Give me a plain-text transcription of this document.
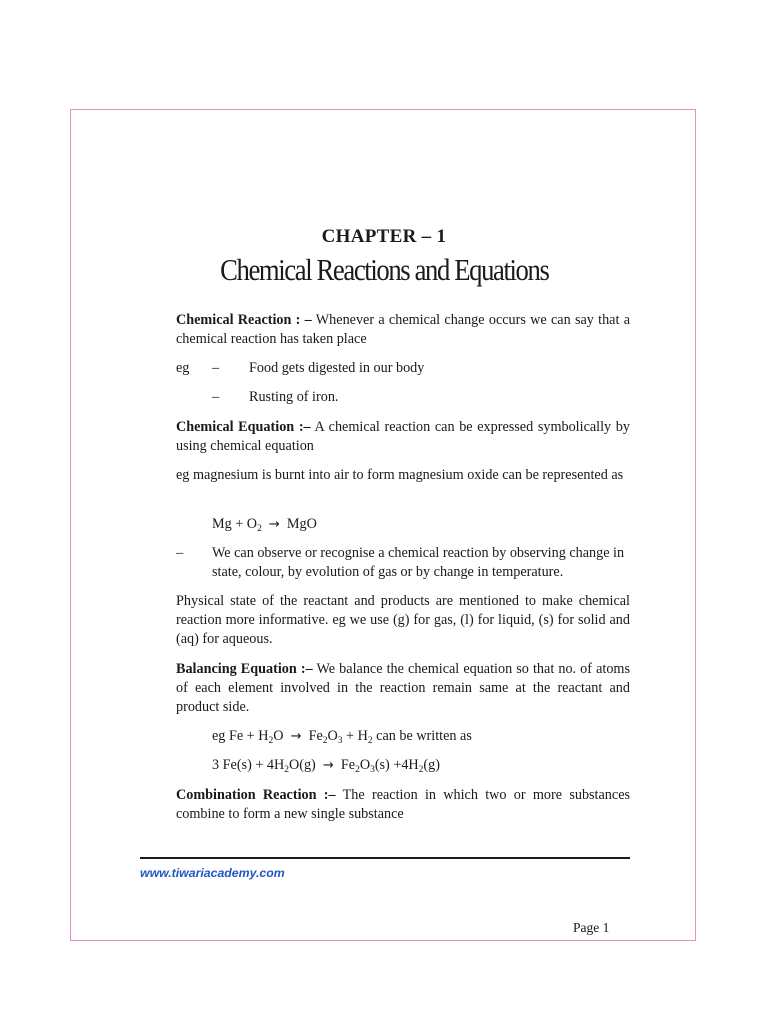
CHAPTER – 1
Chemical Reactions and Equations
Chemical Reaction : – Whenever a chemical change occurs we can say that a chemical reaction has taken place
eg – Food gets digested in our body
– Rusting of iron.
Chemical Equation :– A chemical reaction can be expressed symbolically by using chemical equation
eg magnesium is burnt into air to form magnesium oxide can be represented as
$Mg + O_2$ → MgO
– We can observe or recognise a chemical reaction by observing change in state, colour, by evolution of gas or by change in temperature.
Physical state of the reactant and products are mentioned to make chemical reaction more informative. eg we use (g) for gas, (l) for liquid, (s) for solid and (aq) for aqueous.
Balancing Equation :– We balance the chemical equation so that no. of atoms of each element involved in the reaction remain same at the reactant and product side.
eg $Fe + H_2O \to Fe_2O_3 + H_2$ can be written as
3 $Fe(s) + 4H_2O(g) \to Fe_2O_3(s) +4H_2(g)$
Combination Reaction :– The reaction in which two or more substances combine to form a new single substance
www.tiwariacademy.com
Page 1
